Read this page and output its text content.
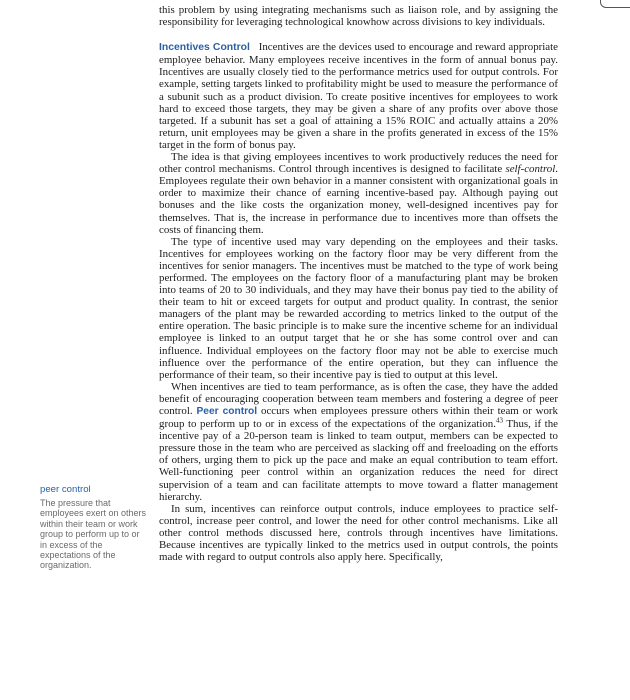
this problem by using integrating mechanisms such as liaison role, and by assigning the responsibility for leveraging technological knowhow across divisions to key individuals.

Incentives Control Incentives are the devices used to encourage and reward appropriate employee behavior. Many employees receive incentives in the form of annual bonus pay. Incentives are usually closely tied to the performance metrics used for output controls. For example, setting targets linked to profitability might be used to measure the performance of a subunit such as a product division. To create positive incentives for employees to work hard to exceed those targets, they may be given a share of any profits over above those targeted. If a subunit has set a goal of attaining a 15% ROIC and actually attains a 20% return, unit employees may be given a share in the profits generated in excess of the 15% target in the form of bonus pay.

The idea is that giving employees incentives to work productively reduces the need for other control mechanisms. Control through incentives is designed to facilitate self-control. Employees regulate their own behavior in a manner consistent with organizational goals in order to maximize their chance of earning incentive-based pay. Although paying out bonuses and the like costs the organization money, well-designed incentives pay for themselves. That is, the increase in performance due to incentives more than offsets the costs of financing them.

The type of incentive used may vary depending on the employees and their tasks. Incentives for employees working on the factory floor may be very different from the incentives for senior managers. The incentives must be matched to the type of work being performed. The employees on the factory floor of a manufacturing plant may be broken into teams of 20 to 30 individuals, and they may have their bonus pay tied to the ability of their team to hit or exceed targets for output and product quality. In contrast, the senior managers of the plant may be rewarded according to metrics linked to the output of the entire operation. The basic principle is to make sure the incentive scheme for an individual employee is linked to an output target that he or she has some control over and can influence. Individual employees on the factory floor may not be able to exercise much influence over the performance of the entire operation, but they can influence the performance of their team, so their incentive pay is tied to output at this level.

When incentives are tied to team performance, as is often the case, they have the added benefit of encouraging cooperation between team members and fostering a degree of peer control. Peer control occurs when employees pressure others within their team or work group to perform up to or in excess of the expectations of the organization.$^{43}$ Thus, if the incentive pay of a 20-person team is linked to team output, members can be expected to pressure those in the team who are perceived as slacking off and freeloading on the efforts of others, urging them to pick up the pace and make an equal contribution to team effort. Well-functioning peer control within an organization reduces the need for direct supervision of a team and can facilitate attempts to move toward a flatter management hierarchy.

In sum, incentives can reinforce output controls, induce employees to practice self-control, increase peer control, and lower the need for other control mechanisms. Like all other control methods discussed here, controls through incentives have limitations. Because incentives are typically linked to the metrics used in output controls, the points made with regard to output controls also apply here. Specifically,

peer control
The pressure that employees exert on others within their team or work group to perform up to or in excess of the expectations of the organization.
